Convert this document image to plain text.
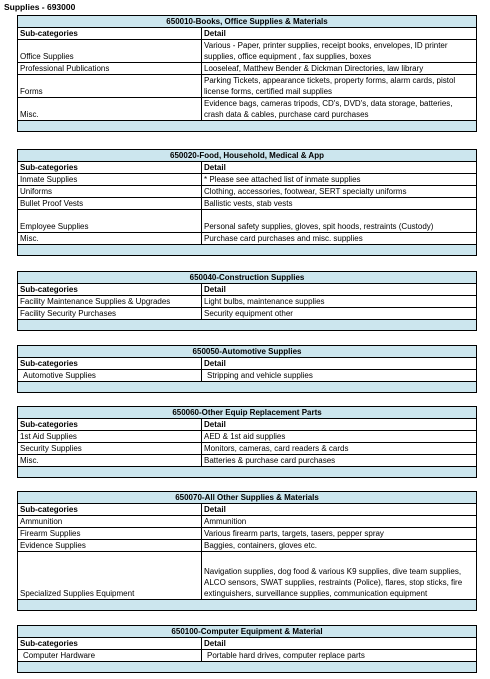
Supplies - 693000
650010-Books, Office Supplies & Materials	
Sub-categories	Detail
Office Supplies	Various - Paper, printer supplies, receipt books, envelopes, ID printer supplies, office equipment , fax supplies, boxes
Professional Publications	Looseleaf, Matthew Bender & Dickman Directories, law library
Forms	Parking Tickets, appearance tickets, property forms, alarm cards, pistol license forms, certified mail supplies
Misc.	Evidence bags, cameras tripods, CD's, DVD's, data storage, batteries, crash data & cables, purchase card purchases

650020-Food, Household, Medical & App	
Sub-categories	Detail
Inmate Supplies	* Please see attached list of inmate supplies
Uniforms	Clothing, accessories, footwear, SERT specialty uniforms
Bullet Proof Vests	Ballistic vests, stab vests
Employee Supplies	Personal safety supplies, gloves, spit hoods, restraints (Custody)
Misc.	Purchase card purchases and misc. supplies

650040-Construction Supplies	
Sub-categories	Detail
Facility Maintenance Supplies & Upgrades	Light bulbs, maintenance supplies
Facility Security Purchases	Security equipment other

650050-Automotive Supplies	
Sub-categories	Detail
Automotive Supplies	Stripping and vehicle supplies

650060-Other Equip Replacement Parts	
Sub-categories	Detail
1st Aid Supplies	AED & 1st aid supplies
Security Supplies	Monitors, cameras, card readers & cards
Misc.	Batteries & purchase card purchases

650070-All Other Supplies & Materials	
Sub-categories	Detail
Ammunition	Ammunition
Firearm Supplies	Various firearm parts, targets, tasers, pepper spray
Evidence Supplies	Baggies, containers, gloves etc.
Specialized Supplies Equipment	Navigation supplies, dog food & various K9 supplies, dive team supplies, ALCO sensors, SWAT supplies, restraints (Police), flares, stop sticks, fire extinguishers, surveillance supplies, communication equipment

650100-Computer Equipment & Material	
Sub-categories	Detail
Computer Hardware	Portable hard drives, computer replace parts
